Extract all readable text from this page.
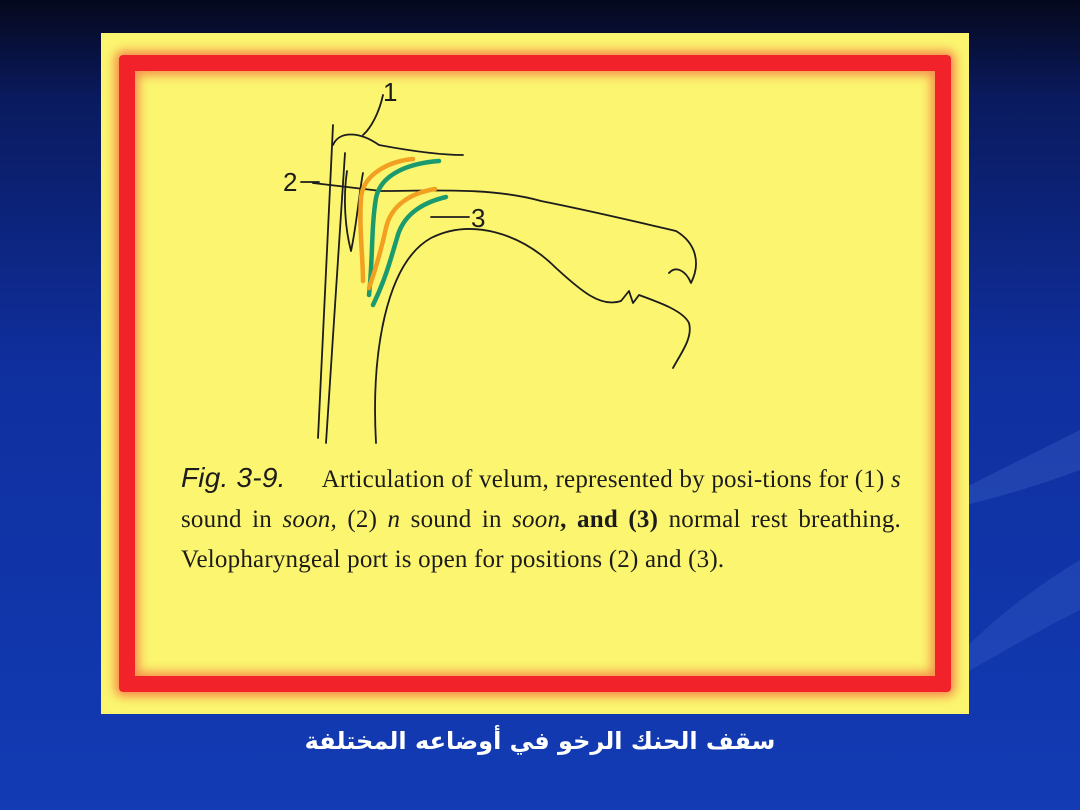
1
2
3
Fig. 3-9. Articulation of velum, represented by posi-tions for (1) s sound in soon, (2) n sound in soon, and (3) normal rest breathing. Velopharyngeal port is open for positions (2) and (3).
سقف الحنك الرخو في أوضاعه المختلفة
